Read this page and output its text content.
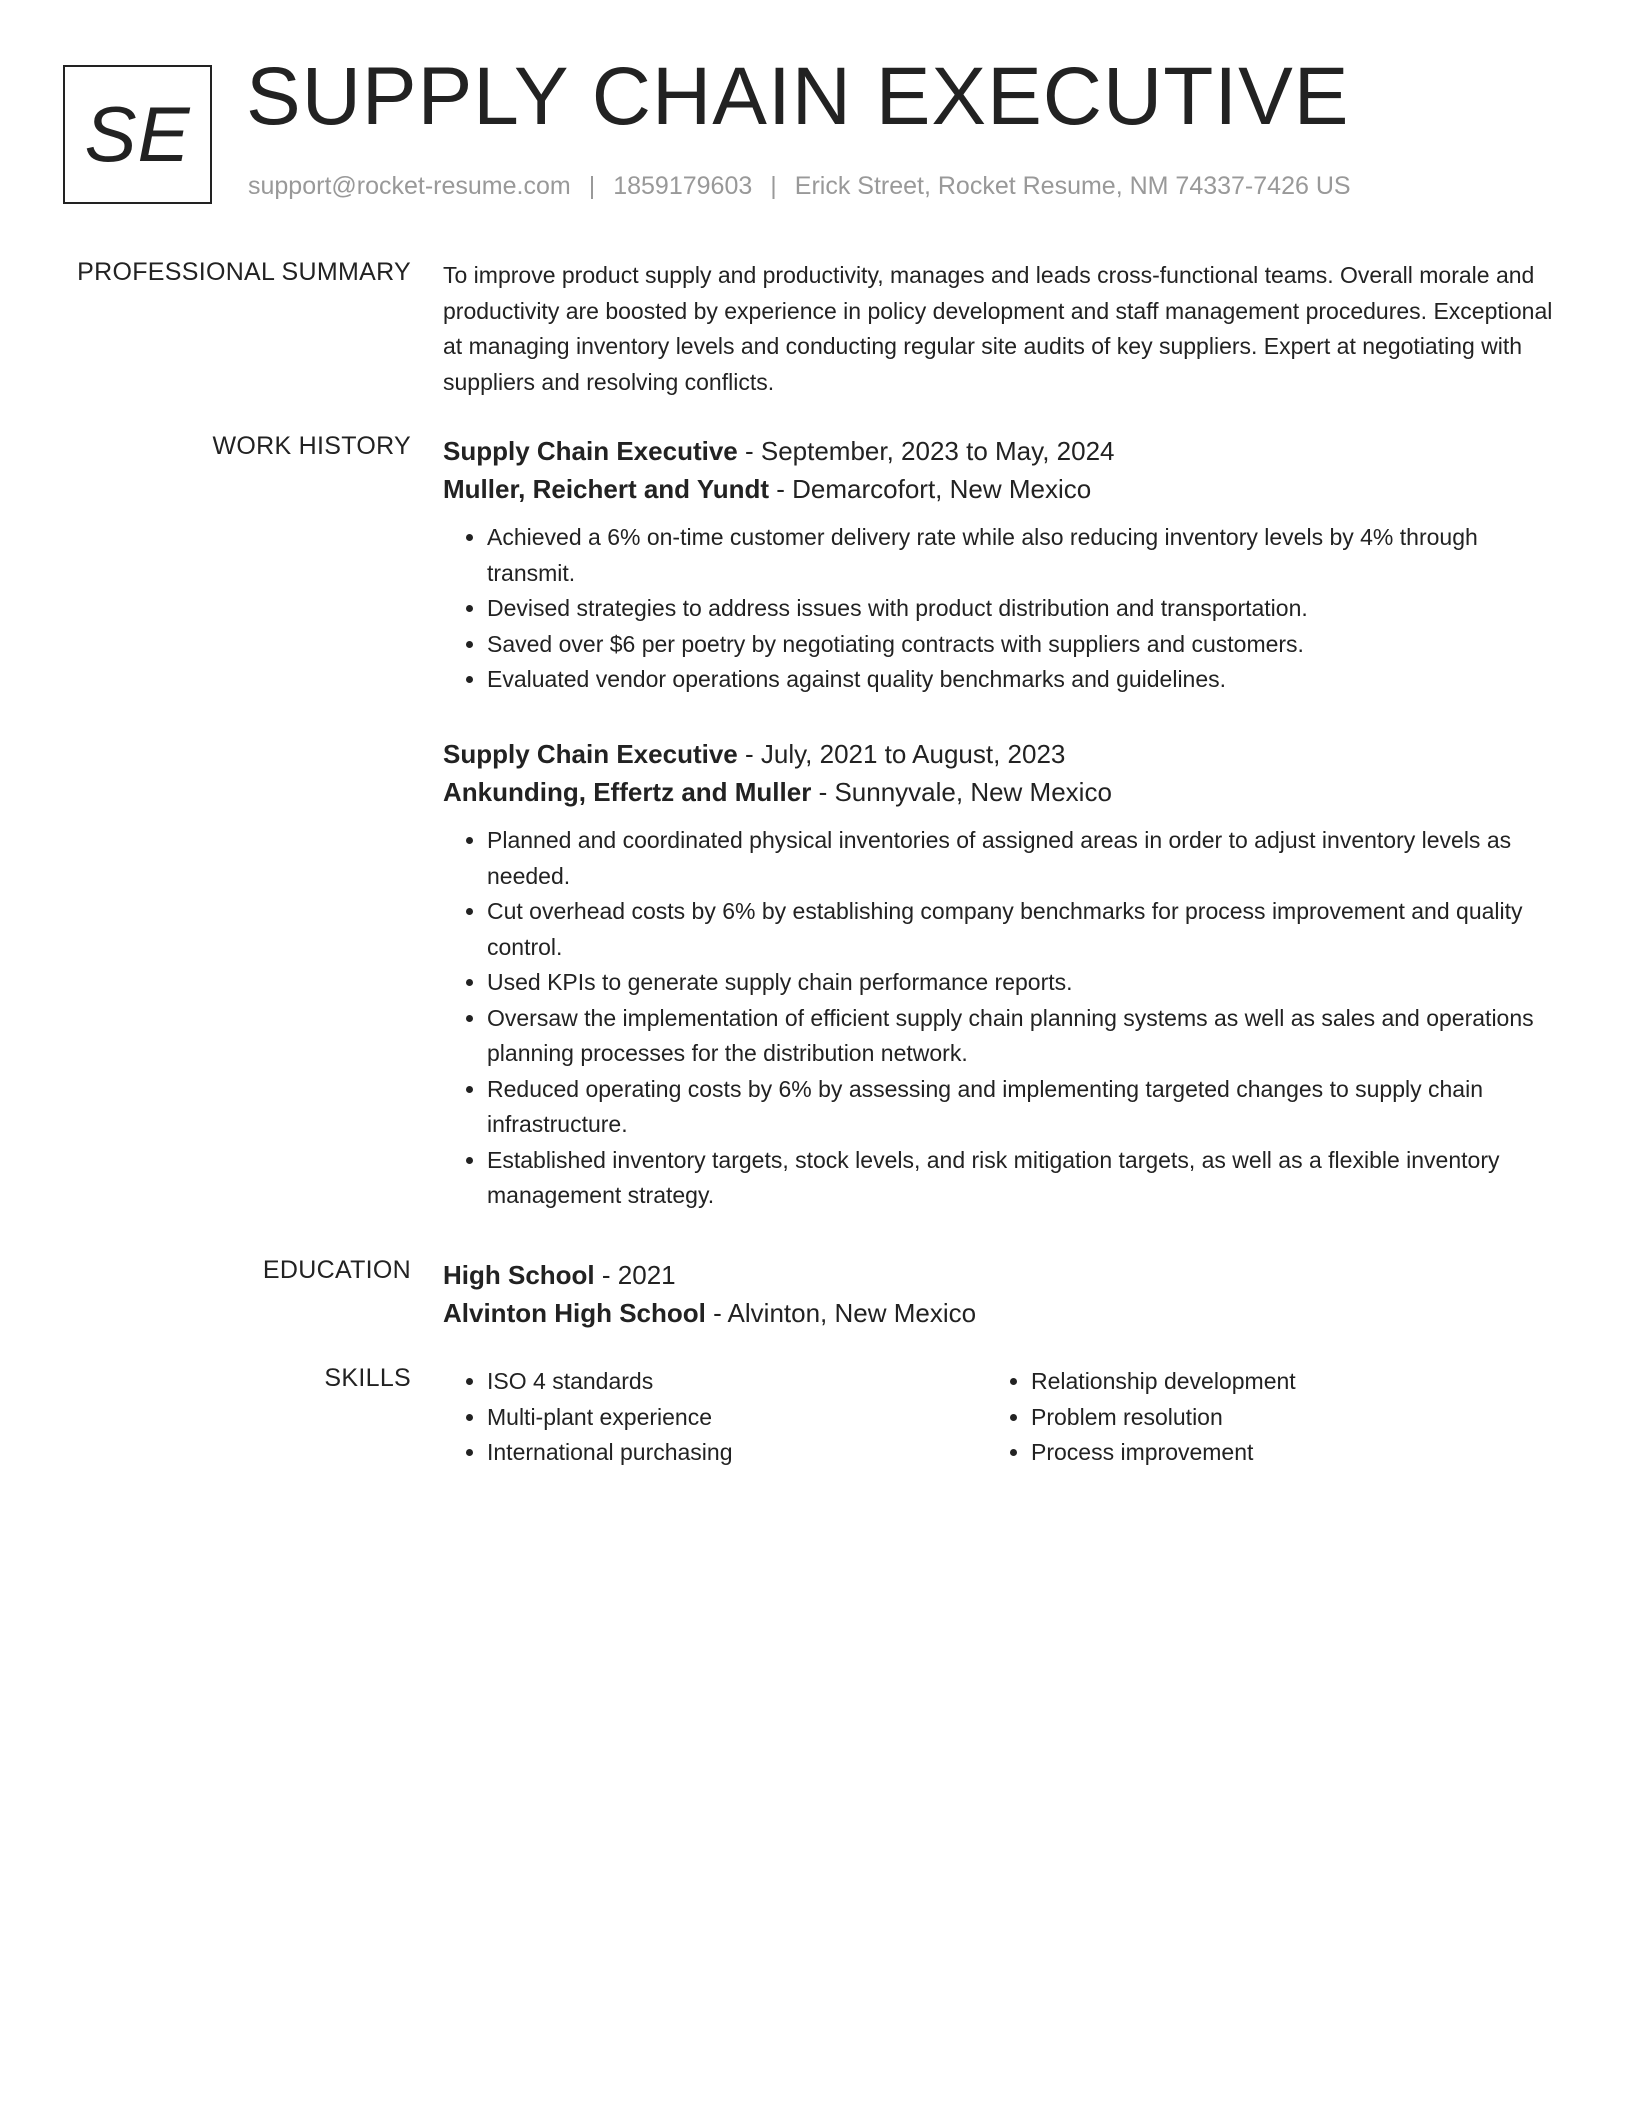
SE SUPPLY CHAIN EXECUTIVE
support@rocket-resume.com | 1859179603 | Erick Street, Rocket Resume, NM 74337-7426 US
PROFESSIONAL SUMMARY To improve product supply and productivity, manages and leads cross-functional teams. Overall morale and productivity are boosted by experience in policy development and staff management procedures. Exceptional at managing inventory levels and conducting regular site audits of key suppliers. Expert at negotiating with suppliers and resolving conflicts.

WORK HISTORY Supply Chain Executive - September, 2023 to May, 2024
Muller, Reichert and Yundt - Demarcofort, New Mexico
• Achieved a 6% on-time customer delivery rate while also reducing inventory levels by 4% through transmit.
• Devised strategies to address issues with product distribution and transportation.
• Saved over $6 per poetry by negotiating contracts with suppliers and customers.
• Evaluated vendor operations against quality benchmarks and guidelines.
Supply Chain Executive - July, 2021 to August, 2023
Ankunding, Effertz and Muller - Sunnyvale, New Mexico
• Planned and coordinated physical inventories of assigned areas in order to adjust inventory levels as needed.
• Cut overhead costs by 6% by establishing company benchmarks for process improvement and quality control.
• Used KPIs to generate supply chain performance reports.
• Oversaw the implementation of efficient supply chain planning systems as well as sales and operations planning processes for the distribution network.
• Reduced operating costs by 6% by assessing and implementing targeted changes to supply chain infrastructure.
• Established inventory targets, stock levels, and risk mitigation targets, as well as a flexible inventory management strategy.
EDUCATION High School - 2021
Alvinton High School - Alvinton, New Mexico
SKILLS
•	ISO 4 standards
• Multi-plant experience
• International purchasing
• Relationship development
• Problem resolution
• Process improvement
